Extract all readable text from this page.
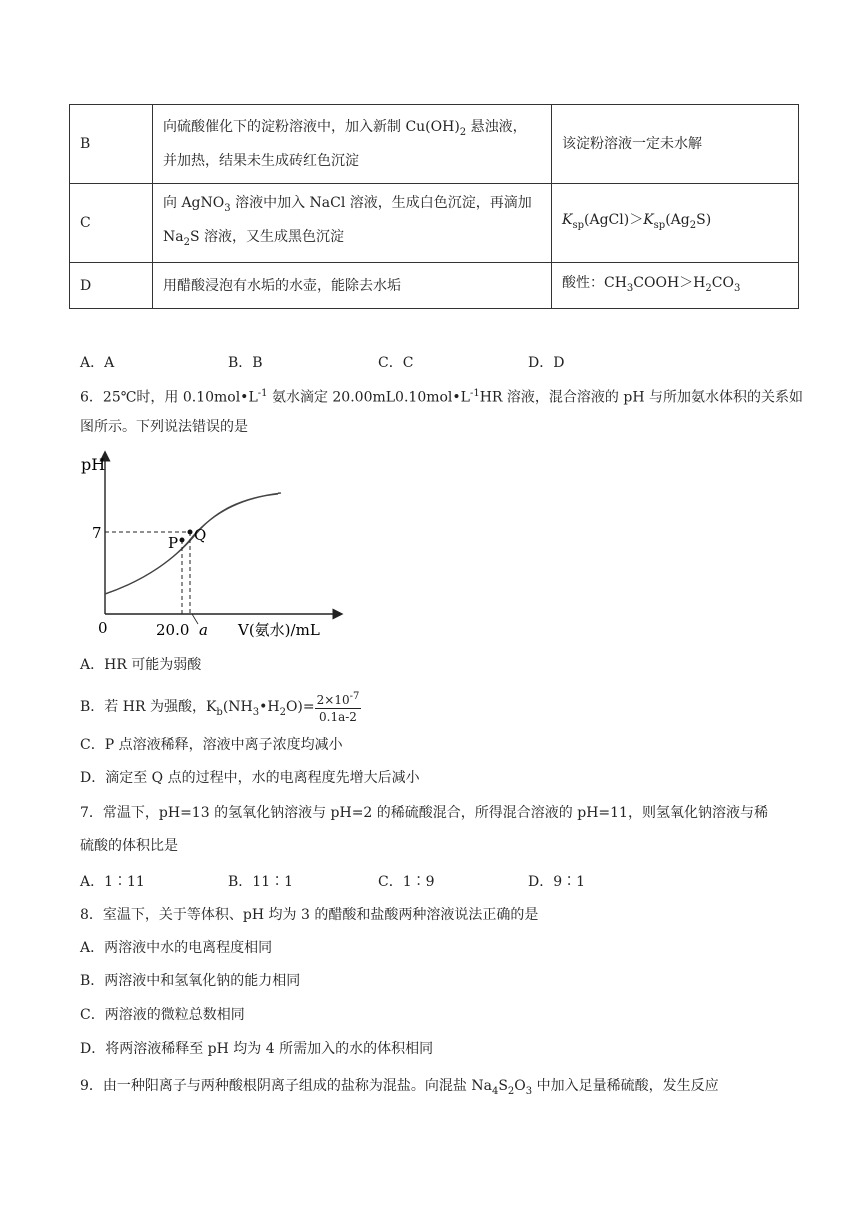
B	向硫酸催化下的淀粉溶液中，加入新制 $Cu(OH)_2$ 悬浊液，
并加热，结果未生成砖红色沉淀	该淀粉溶液一定未水解
C	向 AgNO$_3$ 溶液中加入 NaCl 溶液，生成白色沉淀，再滴加
$Na_2S$ 溶液，又生成黑色沉淀	$K_{sp}(AgCl)>K_{sp}(Ag_2S)$
D	用醋酸浸泡有水垢的水壶，能除去水垢	酸性：$CH_3COOH>H_2CO_3$
A．A	B．B	C．C	D．D
6．25℃时，用 $0.10mol•L^{-1}$ 氨水滴定 $20.00mL0.10mol•L^{-1}HR$ 溶液，混合溶液的 pH 与所加氨水体积的关系如
图所示。下列说法错误的是
pH
7
P Q
0	20.0 a V(氨水)/mL
A．HR 可能为弱酸
B．若 HR 为强酸，$K_b(NH_3•H_2O)= \frac{2\times 10^{-7}}{0.1a-2}$
C．P 点溶液稀释，溶液中离子浓度均减小
D．滴定至 Q 点的过程中，水的电离程度先增大后减小
7．常温下，pH=13 的氢氧化钠溶液与 pH=2 的稀硫酸混合，所得混合溶液的 pH=11，则氢氧化钠溶液与稀
硫酸的体积比是
A．1∶11	B．11∶1	C．1∶9	D．9∶1
8．室温下，关于等体积、pH 均为 3 的醋酸和盐酸两种溶液说法正确的是
A．两溶液中水的电离程度相同
B．两溶液中和氢氧化钠的能力相同
C．两溶液的微粒总数相同
D．将两溶液稀释至 pH 均为 4 所需加入的水的体积相同
9．由一种阳离子与两种酸根阴离子组成的盐称为混盐。向混盐 $Na_4S_2O_3$ 中加入足量稀硫酸，发生反应
